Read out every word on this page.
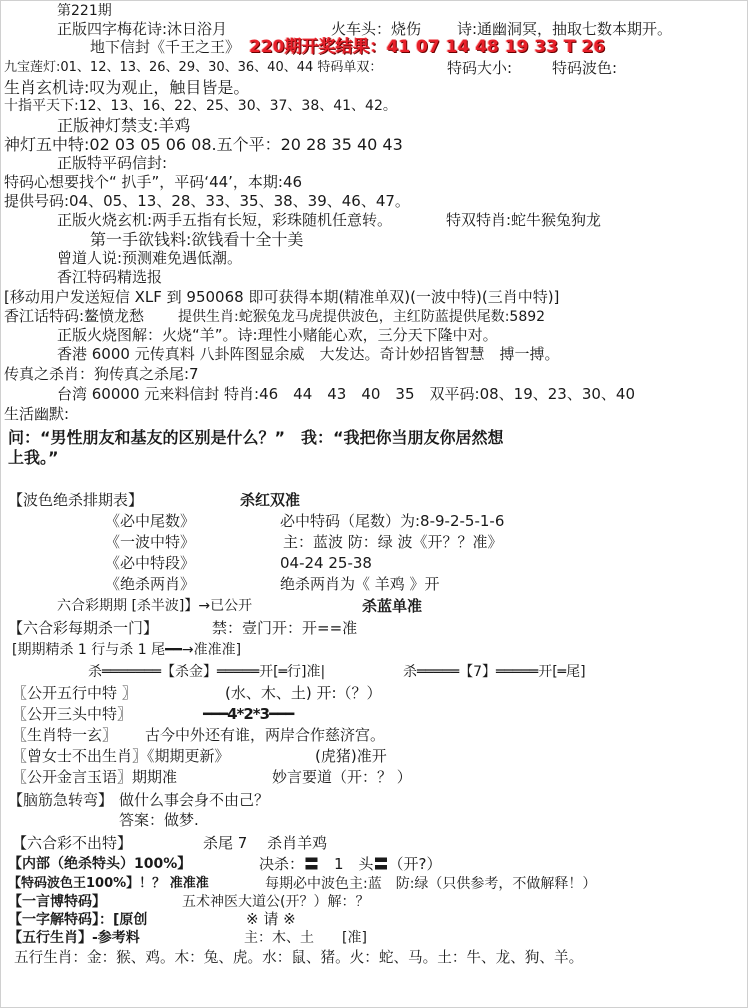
第221期
正版四字梅花诗:沐日浴月	火车头：烧伤 诗:通幽洞冥，抽取七数本期开。
地下信封《千王之王》 220期开奖结果：41 07 14 48 19 33 T 26
九宝莲灯:01、12、13、26、29、30、36、40、44 特码单双：	特码大小:	特码波色:
生肖玄机诗:叹为观止，触目皆是。
十指平天下:12、13、16、22、25、30、37、38、41、42。
正版神灯禁支:羊鸡
神灯五中特:02 03 05 06 08.五个平：20 28 35 40 43
正版特平码信封:
特码心想要找个“ 扒手”，平码‘44’，本期:46
提供号码:04、05、13、28、33、35、38、39、46、47。
正版火烧玄机:两手五指有长短，彩珠随机任意转。	特双特肖:蛇牛猴兔狗龙
第一手欲钱料:欲钱看十全十美
曾道人说:预测难免遇低潮。
香江特码精选报
[移动用户发送短信 XLF 到 950068 即可获得本期(精准单双)(一波中特)(三肖中特)]
香江话特码:鳌愤龙愁 提供生肖:蛇猴兔龙马虎提供波色，主红防蓝提供尾数:5892
正版火烧图解：火烧“羊”。诗:理性小赌能心欢，三分天下隆中对。
香港 6000 元传真料 八卦阵图显余威　大发达。奇计妙招皆智慧　搏一搏。
传真之杀肖：狗传真之杀尾:7
台湾 60000 元来料信封 特肖:46　44　43　40　35　双平码:08、19、23、30、40
生活幽默:
问：“男性朋友和基友的区别是什么？”　我：“我把你当朋友你居然想
上我。”
【波色绝杀排期表】	杀红双准
《必中尾数》	必中特码（尾数）为:8-9-2-5-1-6
《一波中特》	主：蓝波 防：绿 波《开？？准》
《必中特段》	04-24 25-38
《绝杀两肖》	绝杀两肖为《 羊鸡 》开
六合彩期期 [杀半波]】→已公开	杀蓝单准
【六合彩每期杀一门】	禁：壹门开：开==准
[期期精杀 1 行与杀 1 尾━━→准准准]
杀═══════【杀金】═════开[═行]准|	杀═════【7】═════开[═尾]
〖公开五行中特 〗	(水、木、土) 开:（？）
〖公开三头中特〗	━━━4*2*3━━━
〖生肖特一玄〗 古今中外还有谁，两岸合作慈济宫。
〖曾女士不出生肖〗《期期更新》	(虎猪)准开
〖公开金言玉语〗期期准	妙言要道（开：？ ）
【脑筋急转弯】 做什么事会身不由己？
答案：做梦.
【六合彩不出特】	杀尾 7　 杀肖羊鸡
【内部（绝杀特头）100%】	决杀：〓　1　头〓（开?）
【特码波色王100%】！？ 准准准	每期必中波色主:蓝　防:绿（只供参考，不做解释！）
【一言博特码】	五术神医大道公(开？）解：？
【一字解特码】：[原创	※ 请 ※
【五行生肖】-参考料	主：木、土　　[准]
五行生肖：金：猴、鸡。木：兔、虎。水：鼠、猪。火：蛇、马。土：牛、龙、狗、羊。
